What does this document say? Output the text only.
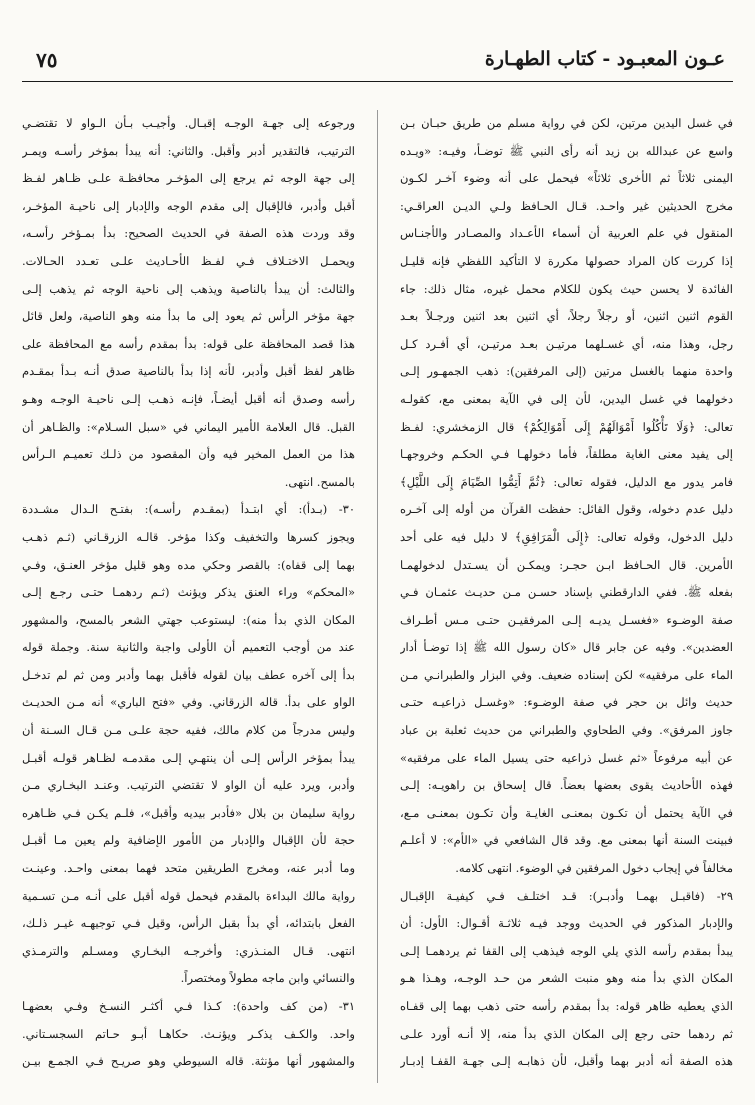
عـون المعبـود - كتاب الطهـارة
٧٥
في غسل اليدين مرتين، لكن في رواية مسلم من طريق حبـان بـن
واسع عن عبدالله بن زيد أنه رأى النبي ﷺ توضـأ، وفيـه: «ويـده
اليمنى ثلاثاً ثم الأخرى ثلاثاً» فيحمل على أنه وضوء آخـر لكـون
مخرج الحديثين غير واحـد. قـال الحـافظ ولـي الديـن العراقـي:
المنقول في علم العربية أن أسماء الأعـداد والمصـادر والأجنـاس
إذا كررت كان المراد حصولها مكررة لا التأكيد اللفظي فإنه قليـل
الفائدة لا يحسن حيث يكون للكلام محمل غيره، مثال ذلك: جاء
القوم اثنين اثنين، أو رجلاً رجلاً، أي اثنين بعد اثنين ورجـلاً بعـد
رجل، وهذا منه، أي غسـلهما مرتيـن بعـد مرتيـن، أي أفـرد كـل
واحدة منهما بالغسل مرتين (إلى المرفقين): ذهب الجمهـور إلـى
دخولهما في غسل اليدين، لأن إلى في الآية بمعنى مع، كقولـه
تعالى: ﴿وَلَا تَأْكُلُوا أَمْوَالَهُمْ إِلَى أَمْوَالِكُمْ﴾ قال الزمخشري: لفـظ
إلى يفيد معنى الغاية مطلقاً، فأما دخولهـا فـي الحكـم وخروجهـا
فامر يدور مع الدليل، فقوله تعالى: ﴿ثُمَّ أَتِمُّوا الصِّيَامَ إِلَى اللَّيْلِ﴾
دليل عدم دخوله، وقول القائل: حفظت القرآن من أوله إلى آخـره
دليل الدخول، وقوله تعالى: ﴿إِلَى الْمَرَافِقِ﴾ لا دليل فيه على أحد
الأمرين. قال الحـافظ ابـن حجـر: ويمكـن أن يسـتدل لدخولهمـا
بفعله ﷺ. ففي الدارقطني بإسناد حسـن مـن حديـث عثمـان فـي
صفة الوضـوء «فغسـل يديـه إلـى المرفقيـن حتـى مـس أطـراف
العضدين». وفيه عن جابر قال «كان رسول الله ﷺ إذا توضـأ أدار
الماء على مرفقيه» لكن إسناده ضعيف. وفي البزار والطبرانـي مـن
حديث وائل بن حجر في صفة الوضـوء: «وغسـل ذراعيـه حتـى
جاوز المرفق». وفي الطحاوي والطبراني من حديث ثعلبة بن عباد
عن أبيه مرفوعاً «ثم غسل ذراعيه حتى يسيل الماء على مرفقيه»
فهذه الأحاديث يقوى بعضها بعضاً. قال إسحاق بن راهويـه: إلـى
في الآية يحتمل أن تكـون بمعنـى الغايـة وأن تكـون بمعنـى مـع،
فبينت السنة أنها بمعنى مع. وقد قال الشافعي في «الأم»: لا أعلـم
مخالفاً في إيجاب دخول المرفقين في الوضوء. انتهى كلامه.
٢٩- (فاقبـل بهمـا وأدبـر): قـد اختلـف فـي كيفيـة الإقبـال
والإدبار المذكور في الحديث ووجد فيـه ثلاثـة أقـوال: الأول: أن
يبدأ بمقدم رأسه الذي يلي الوجه فيذهب إلى القفا ثم يردهمـا إلـى
المكان الذي بدأ منه وهو منبت الشعر من حـد الوجـه، وهـذا هـو
الذي يعطيه ظاهر قوله: بدأ بمقدم رأسه حتى ذهب بهما إلى قفـاه
ثم ردهما حتى رجع إلى المكان الذي بدأ منه، إلا أنـه أورد علـى
هذه الصفة أنه أدبر بهما وأقبل، لأن ذهابـه إلـى جهـة القفـا إدبـار
ورجوعه إلى جهـة الوجـه إقبـال. وأجيـب بـأن الـواو لا تقتضـي
الترتيب، فالتقدير أدبر وأقبل. والثاني: أنه يبدأ بمؤخر رأسـه ويمـر
إلى جهة الوجه ثم يرجع إلى المؤخـر محافظـة علـى ظـاهر لفـظ
أقبل وأدبر، فالإقبال إلى مقدم الوجه والإدبار إلى ناحيـة المؤخـر،
وقد وردت هذه الصفة في الحديث الصحيح: بدأ بمـؤخر رأسـه،
ويحمـل الاختـلاف فـي لفـظ الأحـاديث علـى تعـدد الحـالات.
والثالث: أن يبدأ بالناصية ويذهب إلى ناحية الوجه ثم يذهب إلـى
جهة مؤخر الرأس ثم يعود إلى ما بدأ منه وهو الناصية، ولعل قائل
هذا قصد المحافظة على قوله: بدأ بمقدم رأسه مع المحافظة على
ظاهر لفظ أقبل وأدبر، لأنه إذا بدأ بالناصية صدق أنـه بـدأ بمقـدم
رأسه وصدق أنه أقبل أيضـاً، فإنـه ذهـب إلـى ناحيـة الوجـه وهـو
القبل. قال العلامة الأمير اليماني في «سبل السـلام»: والظـاهر أن
هذا من العمل المخير فيه وأن المقصود من ذلـك تعميـم الـرأس
بالمسح. انتهى.
٣٠- (بـدأ): أي ابتـدأ (بمقـدم رأسـه): بفتـح الـدال مشـددة
ويجوز كسرها والتخفيف وكذا مؤخر. قالـه الزرقـاني (ثـم ذهـب
بهما إلى قفاه): بالقصر وحكي مده وهو قليل مؤخر العنـق، وفـي
«المحكم» وراء العنق يذكر ويؤنث (ثـم ردهمـا حتـى رجـع إلـى
المكان الذي بدأ منه): ليستوعب جهتي الشعر بالمسح، والمشهور
عند من أوجب التعميم أن الأولى واجبة والثانية سنة. وجملة قوله
بدأ إلى آخره عطف بيان لقوله فأقبل بهما وأدبر ومن ثم لم تدخـل
الواو على بدأ. قاله الزرقاني. وفي «فتح الباري» أنه مـن الحديـث
وليس مدرجاً من كلام مالك، ففيه حجة علـى مـن قـال السـنة أن
يبدأ بمؤخر الرأس إلـى أن ينتهـي إلـى مقدمـه لظـاهر قولـه أقبـل
وأدبر، ويرد عليه أن الواو لا تقتضي الترتيب. وعنـد البخـاري مـن
رواية سليمان بن بلال «فأدبر بيديه وأقبل»، فلـم يكـن فـي ظـاهره
حجة لأن الإقبال والإدبار من الأمور الإضافية ولم يعين مـا أقبـل
وما أدبر عنه، ومخرج الطريقين متحد فهما بمعنى واحـد. وعينـت
رواية مالك البداءة بالمقدم فيحمل قوله أقبل على أنـه مـن تسـمية
الفعل بابتدائه، أي بدأ بقبل الرأس، وقيل فـي توجيهـه غيـر ذلـك،
انتهى. قـال المنـذري: وأخرجـه البخـاري ومسـلم والترمـذي
والنسائي وابن ماجه مطولاً ومختصراً.
٣١- (من كف واحدة): كـذا فـي أكثـر النسـخ وفـي بعضهـا
واحد. والكـف يذكـر ويؤنـث. حكاهـا أبـو حـاتم السجسـتاني.
والمشهور أنها مؤنثة. قاله السيوطي وهو صريـح فـي الجمـع بيـن
